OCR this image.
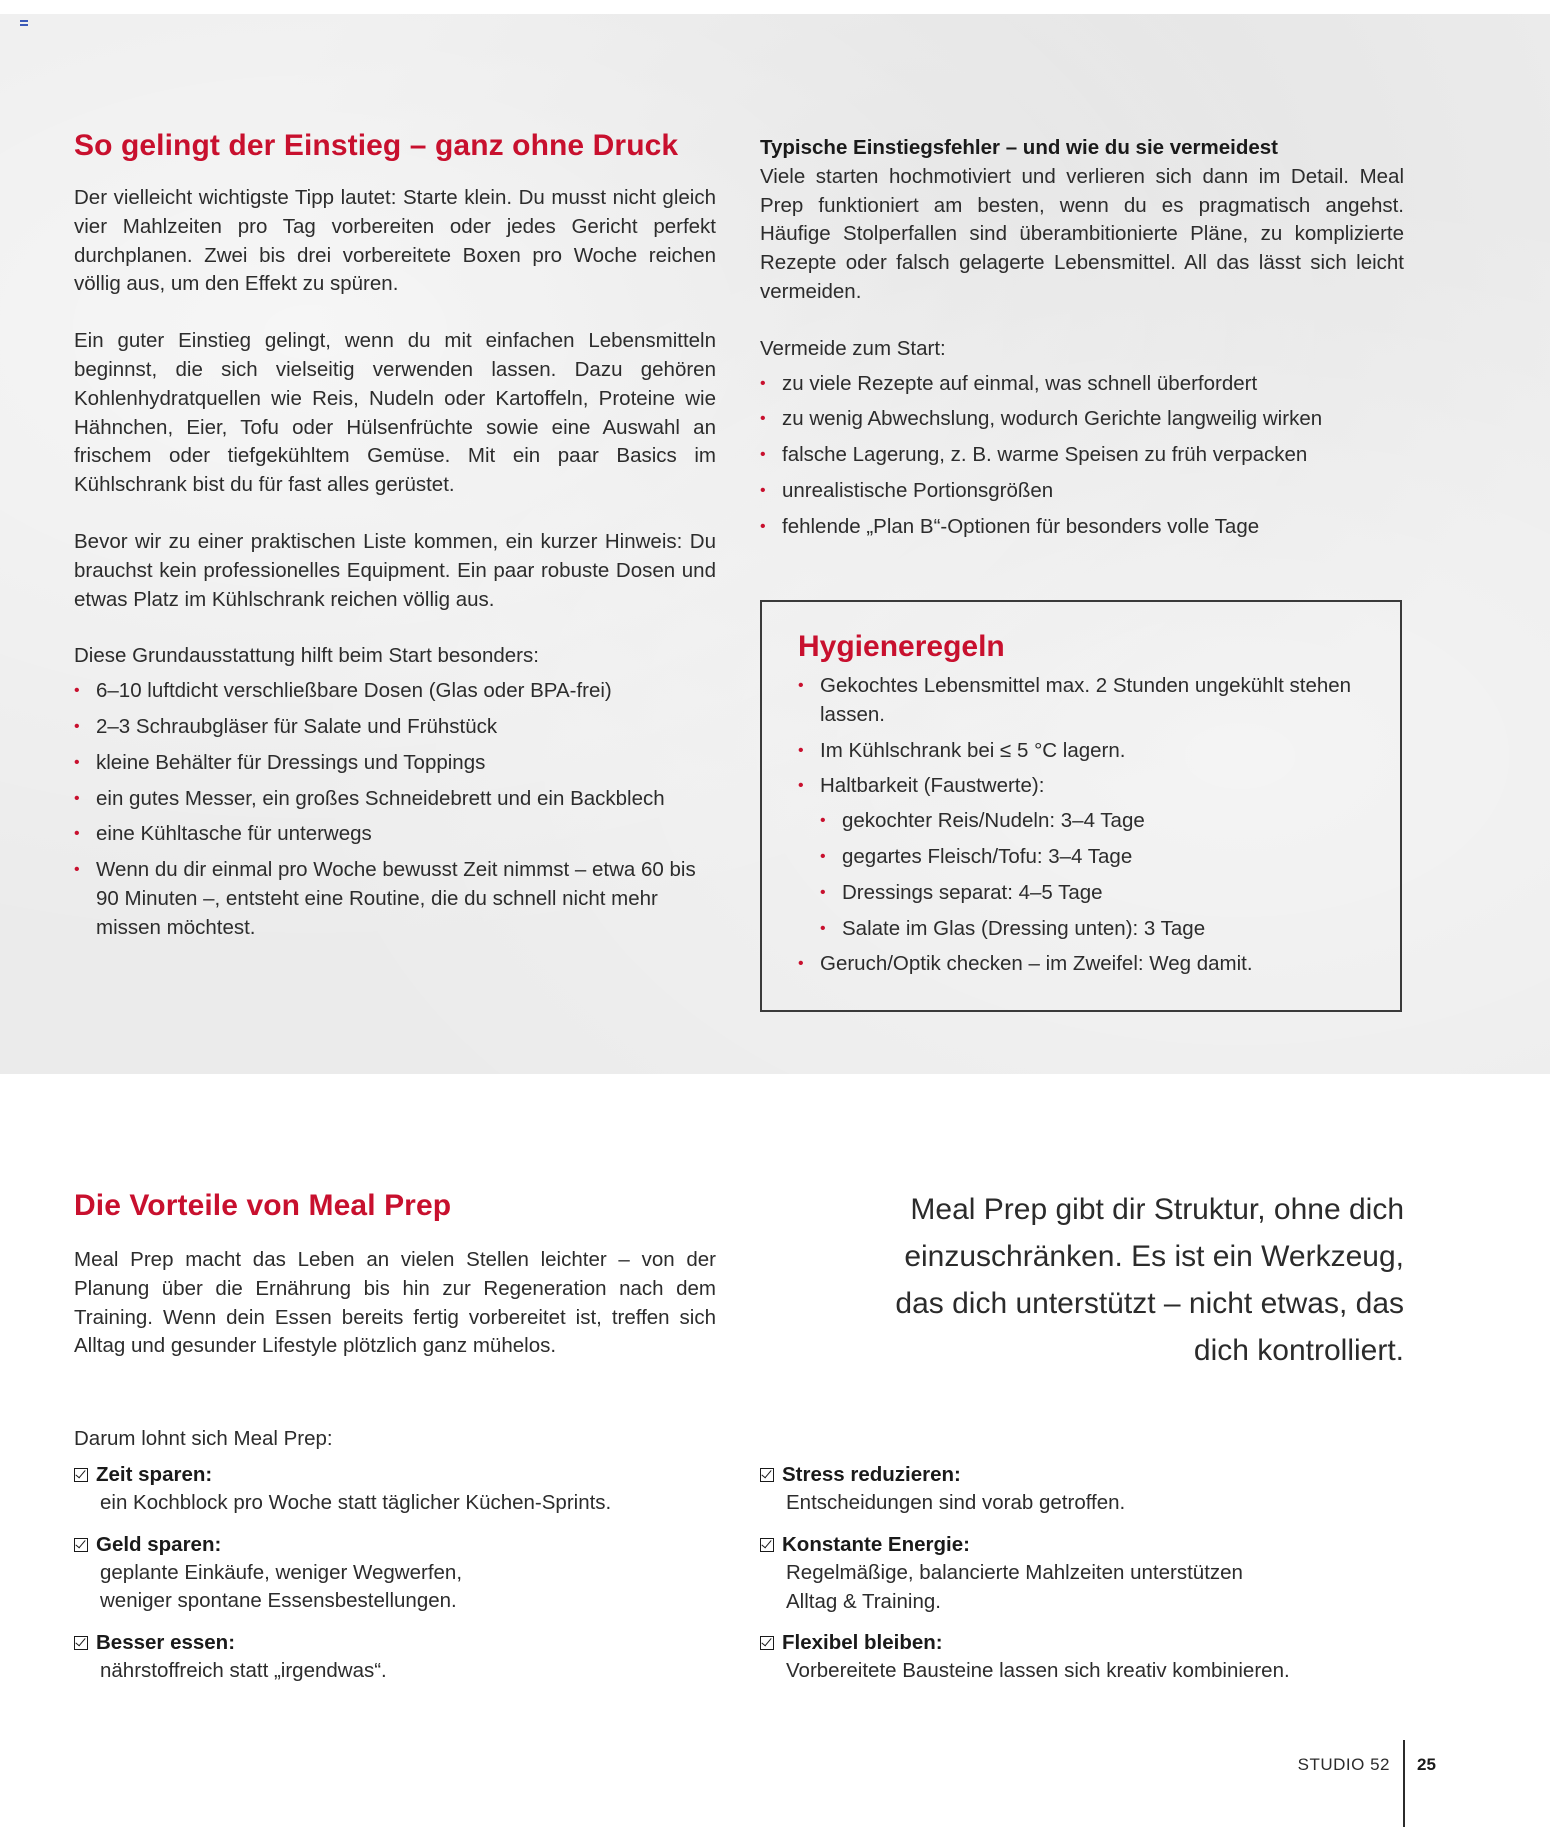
So gelingt der Einstieg – ganz ohne Druck

Der vielleicht wichtigste Tipp lautet: Starte klein. Du musst nicht gleich vier Mahlzeiten pro Tag vorbereiten oder jedes Gericht perfekt durchplanen. Zwei bis drei vorbereitete Boxen pro Woche reichen völlig aus, um den Effekt zu spüren.

Ein guter Einstieg gelingt, wenn du mit einfachen Lebensmitteln beginnst, die sich vielseitig verwenden lassen. Dazu gehören Kohlenhydratquellen wie Reis, Nudeln oder Kartoffeln, Proteine wie Hähnchen, Eier, Tofu oder Hülsenfrüchte sowie eine Auswahl an frischem oder tiefgekühltem Gemüse. Mit ein paar Basics im Kühlschrank bist du für fast alles gerüstet.

Bevor wir zu einer praktischen Liste kommen, ein kurzer Hinweis: Du brauchst kein professionelles Equipment. Ein paar robuste Dosen und etwas Platz im Kühlschrank reichen völlig aus.

Diese Grundausstattung hilft beim Start besonders:

• 6–10 luftdicht verschließbare Dosen (Glas oder BPA-frei)
• 2–3 Schraubgläser für Salate und Frühstück
• kleine Behälter für Dressings und Toppings
• ein gutes Messer, ein großes Schneidebrett und ein Backblech
• eine Kühltasche für unterwegs
• Wenn du dir einmal pro Woche bewusst Zeit nimmst – etwa 60 bis 90 Minuten –, entsteht eine Routine, die du schnell nicht mehr missen möchtest.
Typische Einstiegsfehler – und wie du sie vermeidest

Viele starten hochmotiviert und verlieren sich dann im Detail. Meal Prep funktioniert am besten, wenn du es pragmatisch angehst. Häufige Stolperfallen sind überambitionierte Pläne, zu komplizierte Rezepte oder falsch gelagerte Lebensmittel. All das lässt sich leicht vermeiden.

Vermeide zum Start:

• zu viele Rezepte auf einmal, was schnell überfordert
• zu wenig Abwechslung, wodurch Gerichte langweilig wirken
• falsche Lagerung, z. B. warme Speisen zu früh verpacken
• unrealistische Portionsgrößen
• fehlende „Plan B“-Optionen für besonders volle Tage
Hygieneregeln
• Gekochtes Lebensmittel max. 2 Stunden ungekühlt stehen lassen.
• Im Kühlschrank bei ≤ 5 °C lagern.
• Haltbarkeit (Faustwerte):
• gekochter Reis/Nudeln: 3–4 Tage
• gegartes Fleisch/Tofu: 3–4 Tage
• Dressings separat: 4–5 Tage
• Salate im Glas (Dressing unten): 3 Tage
• Geruch/Optik checken – im Zweifel: Weg damit.
Die Vorteile von Meal Prep

Meal Prep macht das Leben an vielen Stellen leichter – von der Planung über die Ernährung bis hin zur Regeneration nach dem Training. Wenn dein Essen bereits fertig vorbereitet ist, treffen sich Alltag und gesunder Lifestyle plötzlich ganz mühelos.

Meal Prep gibt dir Struktur, ohne dich einzuschränken. Es ist ein Werkzeug, das dich unterstützt – nicht etwas, das dich kontrolliert.

Darum lohnt sich Meal Prep:

Zeit sparen:
ein Kochblock pro Woche statt täglicher Küchen-Sprints.
Geld sparen:
geplante Einkäufe, weniger Wegwerfen, weniger spontane Essensbestellungen.
Besser essen:
nährstoffreich statt „irgendwas“.
Stress reduzieren:
Entscheidungen sind vorab getroffen.
Konstante Energie:
Regelmäßige, balancierte Mahlzeiten unterstützen Alltag & Training.
Flexibel bleiben:
Vorbereitete Bausteine lassen sich kreativ kombinieren.
STUDIO 52 25
